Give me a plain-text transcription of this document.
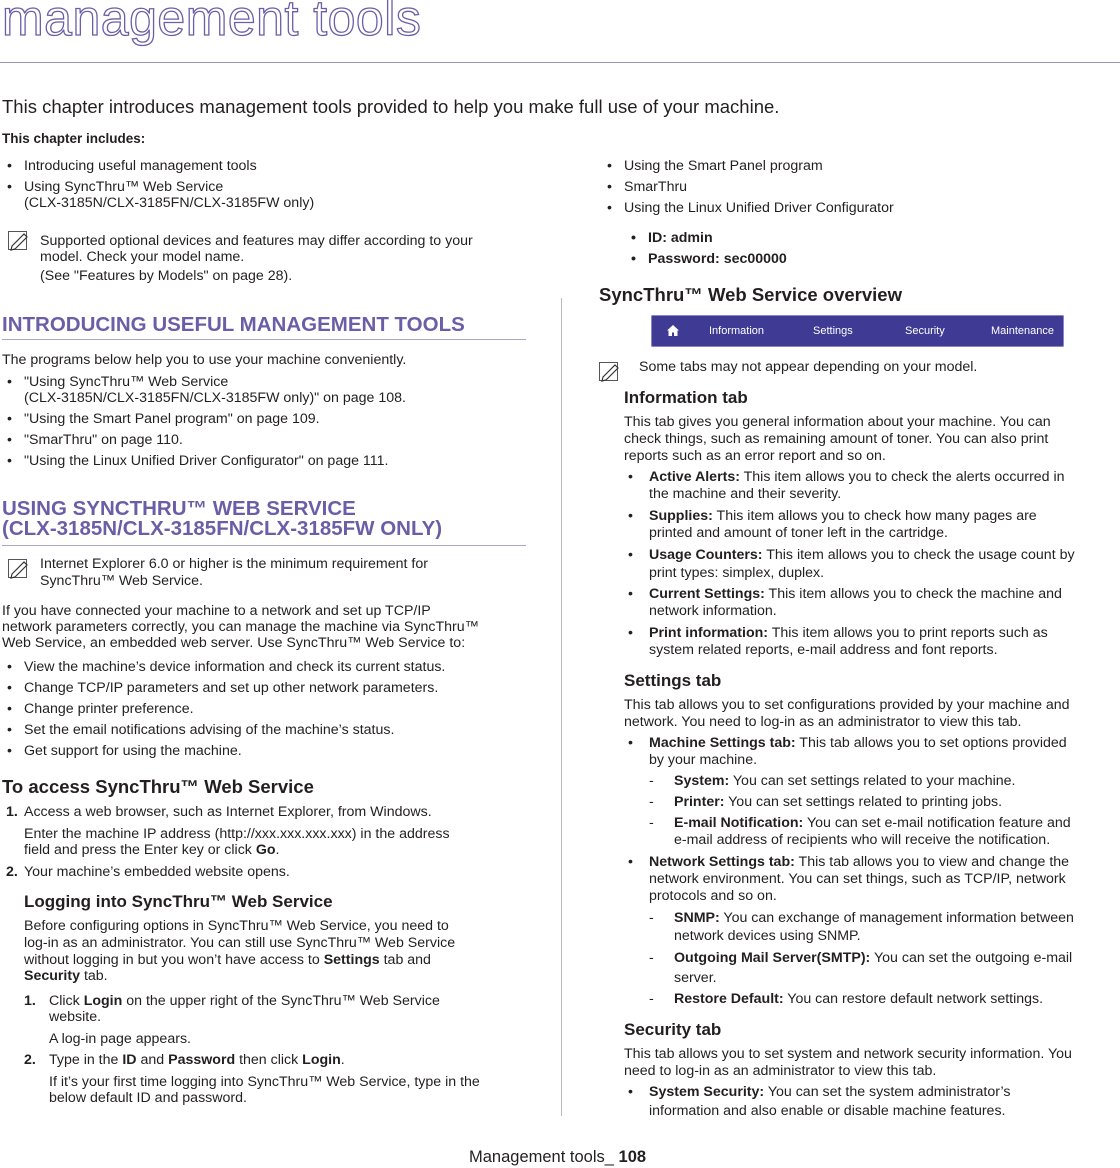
management tools
This chapter introduces management tools provided to help you make full use of your machine.
This chapter includes:
• Introducing useful management tools
• Using SyncThru™ Web Service
(CLX-3185N/CLX-3185FN/CLX-3185FW only)
• Using the Smart Panel program
• SmarThru
• Using the Linux Unified Driver Configurator
Supported optional devices and features may differ according to your
model. Check your model name.
(See "Features by Models" on page 28).
INTRODUCING USEFUL MANAGEMENT TOOLS
The programs below help you to use your machine conveniently.
• "Using SyncThru™ Web Service
(CLX-3185N/CLX-3185FN/CLX-3185FW only)" on page 108.
• "Using the Smart Panel program" on page 109.
• "SmarThru" on page 110.
• "Using the Linux Unified Driver Configurator" on page 111.
USING SYNCTHRU™ WEB SERVICE
(CLX-3185N/CLX-3185FN/CLX-3185FW ONLY)
Internet Explorer 6.0 or higher is the minimum requirement for
SyncThru™ Web Service.
If you have connected your machine to a network and set up TCP/IP
network parameters correctly, you can manage the machine via SyncThru™
Web Service, an embedded web server. Use SyncThru™ Web Service to:
• View the machine’s device information and check its current status.
• Change TCP/IP parameters and set up other network parameters.
• Change printer preference.
• Set the email notifications advising of the machine’s status.
• Get support for using the machine.
To access SyncThru™ Web Service
1. Access a web browser, such as Internet Explorer, from Windows.
Enter the machine IP address (http://xxx.xxx.xxx.xxx) in the address
field and press the Enter key or click Go.
2. Your machine’s embedded website opens.
Logging into SyncThru™ Web Service
Before configuring options in SyncThru™ Web Service, you need to
log-in as an administrator. You can still use SyncThru™ Web Service
without logging in but you won’t have access to Settings tab and
Security tab.
1. Click Login on the upper right of the SyncThru™ Web Service
website.
A log-in page appears.
2. Type in the ID and Password then click Login.
If it’s your first time logging into SyncThru™ Web Service, type in the
below default ID and password.
• ID: admin
• Password: sec00000
SyncThru™ Web Service overview
Information	Settings	Security	Maintenance
Some tabs may not appear depending on your model.
Information tab
This tab gives you general information about your machine. You can
check things, such as remaining amount of toner. You can also print
reports such as an error report and so on.
• Active Alerts: This item allows you to check the alerts occurred in
the machine and their severity.
• Supplies: This item allows you to check how many pages are
printed and amount of toner left in the cartridge.
• Usage Counters: This item allows you to check the usage count by
print types: simplex, duplex.
• Current Settings: This item allows you to check the machine and
network information.
• Print information: This item allows you to print reports such as
system related reports, e-mail address and font reports.
Settings tab
This tab allows you to set configurations provided by your machine and
network. You need to log-in as an administrator to view this tab.
• Machine Settings tab: This tab allows you to set options provided
by your machine.
- System: You can set settings related to your machine.
- Printer: You can set settings related to printing jobs.
- E-mail Notification: You can set e-mail notification feature and
e-mail address of recipients who will receive the notification.
• Network Settings tab: This tab allows you to view and change the
network environment. You can set things, such as TCP/IP, network
protocols and so on.
- SNMP: You can exchange of management information between
network devices using SNMP.
- Outgoing Mail Server(SMTP): You can set the outgoing e-mail
server.
- Restore Default: You can restore default network settings.
Security tab
This tab allows you to set system and network security information. You
need to log-in as an administrator to view this tab.
• System Security: You can set the system administrator’s
information and also enable or disable machine features.
Management tools_ 108
